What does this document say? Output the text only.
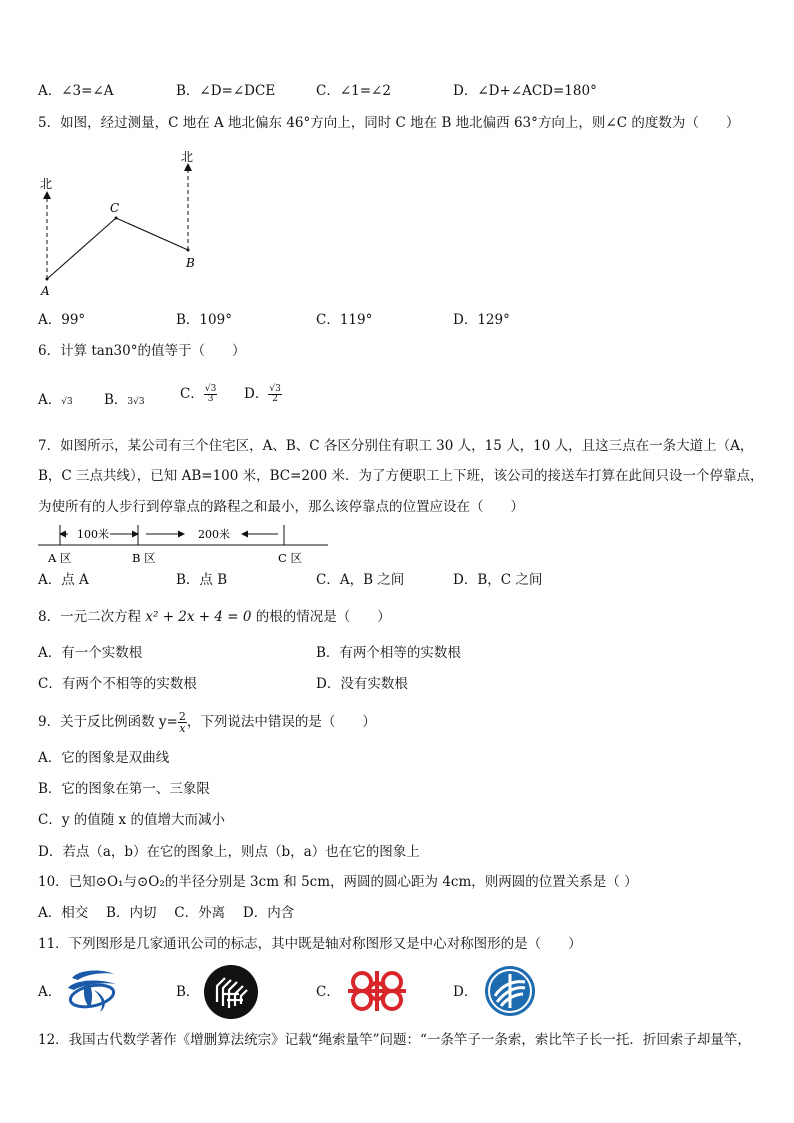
A．∠3=∠A	B．∠D=∠DCE	C．∠1=∠2	D．∠D+∠ACD=180°
5．如图，经过测量，C 地在 A 地北偏东 46°方向上，同时 C 地在 B 地北偏西 63°方向上，则∠C 的度数为（　　）
北
北
A
C
B
A．99°	B．109°	C．119°	D．129°
6．计算 tan30°的值等于（　　）
A．√3 B．3√3	C． $\frac{√3}{3}$ D． $\frac{√3}{2}$
7．如图所示，某公司有三个住宅区，A、B、C 各区分别住有职工 30 人，15 人，10 人，且这三点在一条大道上（A，
B，C 三点共线），已知 AB=100 米，BC=200 米．为了方便职工上下班，该公司的接送车打算在此间只设一个停靠点，
为使所有的人步行到停靠点的路程之和最小，那么该停靠点的位置应设在（　　）
100米	200米
A 区	B 区	C 区
A．点 A	B．点 B	C．A，B 之间	D．B，C 之间
8．一元二次方程 x² + 2x + 4 = 0 的根的情况是（　　）
A．有一个实数根	B．有两个相等的实数根
C．有两个不相等的实数根	D．没有实数根
9．关于反比例函数 $y= \frac{2}{x}$ ，下列说法中错误的是（　　）
A．它的图象是双曲线
B．它的图象在第一、三象限
C．y 的值随 x 的值增大而减小
D．若点（a，b）在它的图象上，则点（b，a）也在它的图象上
10．已知⊙O₁与⊙O₂的半径分别是 3cm 和 5cm，两圆的圆心距为 4cm，则两圆的位置关系是（ ）
A．相交　 B．内切　 C．外离　 D．内含
11．下列图形是几家通讯公司的标志，其中既是轴对称图形又是中心对称图形的是（　　）
A．	B．	C．	D．
12．我国古代数学著作《增删算法统宗》记载“绳索量竿”问题：“一条竿子一条索，索比竿子长一托．折回索子却量竿，
